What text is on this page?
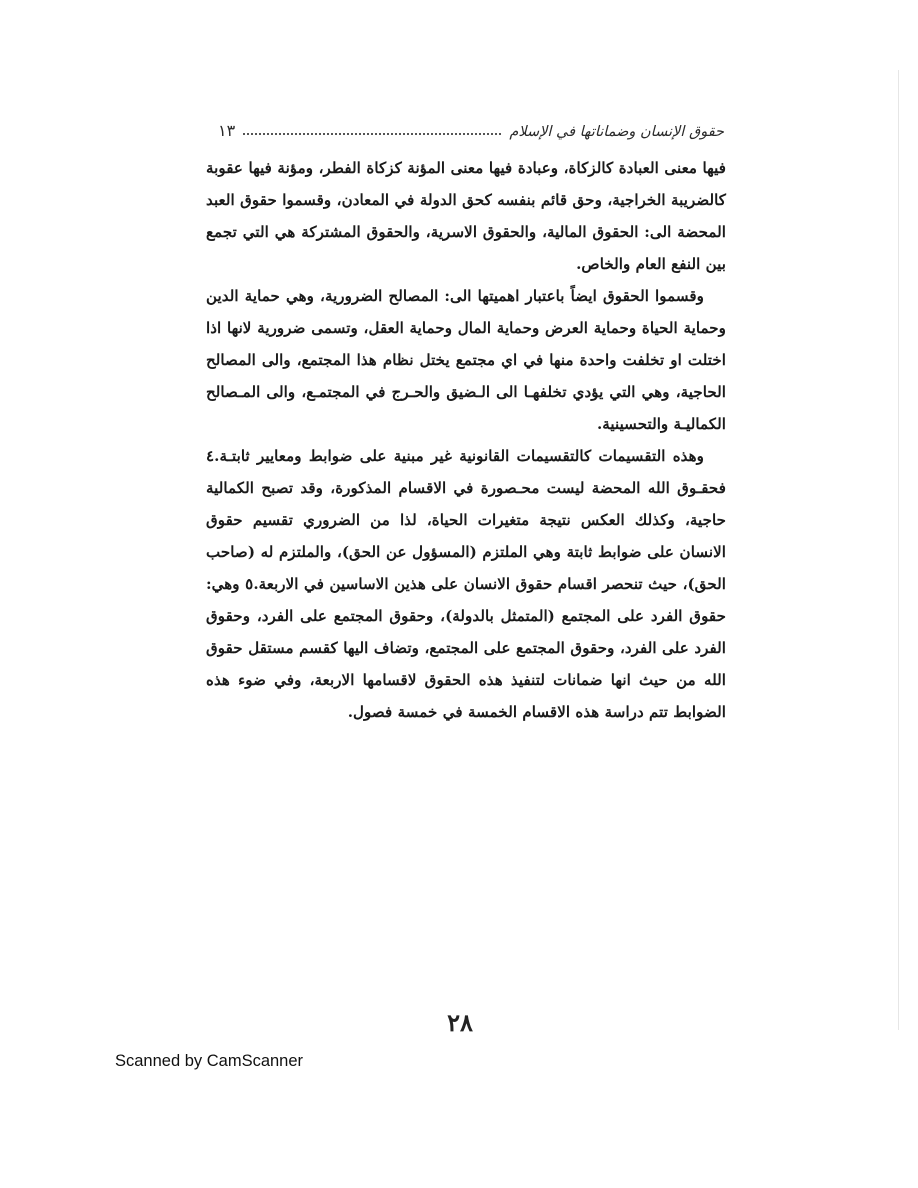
حقوق الإنسان وضماناتها في الإسلام
١٣

فيها معنى العبادة كالزكاة، وعبادة فيها معنى المؤنة كزكاة الفطر، ومؤنة فيها عقوبة كالضريبة الخراجية، وحق قائم بنفسه كحق الدولة في المعادن، وقسموا حقوق العبد المحضة الى: الحقوق المالية، والحقوق الاسرية، والحقوق المشتركة هي التي تجمع بين النفع العام والخاص.

وقسموا الحقوق ايضاً باعتبار اهميتها الى: المصالح الضرورية، وهي حماية الدين وحماية الحياة وحماية العرض وحماية المال وحماية العقل، وتسمى ضرورية لانها اذا اختلت او تخلفت واحدة منها في اي مجتمع يختل نظام هذا المجتمع، والى المصالح الحاجية، وهي التي يؤدي تخلفهـا الى الـضيق والحـرج في المجتمـع، والى المـصالح الكماليـة والتحسينية.

وهذه التقسيمات كالتقسيمات القانونية غير مبنية على ضوابط ومعايير ثابتـة.٤ فحقـوق الله المحضة ليست محـصورة في الاقسام المذكورة، وقد تصبح الكمالية حاجية، وكذلك العكس نتيجة متغيرات الحياة، لذا من الضروري تقسيم حقوق الانسان على ضوابط ثابتة وهي الملتزم (المسؤول عن الحق)، والملتزم له (صاحب الحق)، حيث تنحصر اقسام حقوق الانسان على هذين الاساسين في الاربعة.٥ وهي: حقوق الفرد على المجتمع (المتمثل بالدولة)، وحقوق المجتمع على الفرد، وحقوق الفرد على الفرد، وحقوق المجتمع على المجتمع، وتضاف اليها كقسم مستقل حقوق الله من حيث انها ضمانات لتنفيذ هذه الحقوق لاقسامها الاربعة، وفي ضوء هذه الضوابط تتم دراسة هذه الاقسام الخمسة في خمسة فصول.

٢٨
Scanned by CamScanner
